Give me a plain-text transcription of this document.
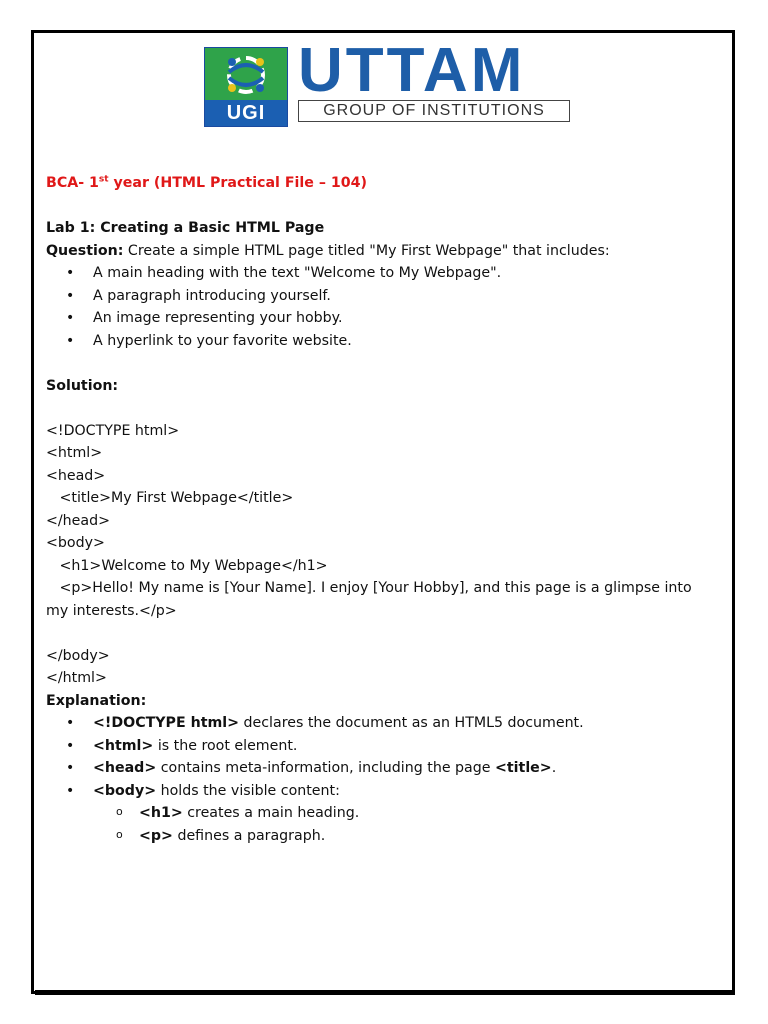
UGI
UTTAM
GROUP OF INSTITUTIONS

BCA- 1st year (HTML Practical File – 104)

Lab 1: Creating a Basic HTML Page

Question: Create a simple HTML page titled "My First Webpage" that includes:

• A main heading with the text "Welcome to My Webpage".
• A paragraph introducing yourself.
• An image representing your hobby.
• A hyperlink to your favorite website.

Solution:

<!DOCTYPE html>

<html>

<head>

<title>My First Webpage</title>

</head>

<body>

<h1>Welcome to My Webpage</h1>

<p>Hello! My name is [Your Name]. I enjoy [Your Hobby], and this page is a glimpse into

my interests.</p>

</body>

</html>

Explanation:

• <!DOCTYPE html> declares the document as an HTML5 document.
• <html> is the root element.
• <head> contains meta-information, including the page <title>.
• <body> holds the visible content:
o <h1> creates a main heading.
o <p> defines a paragraph.
